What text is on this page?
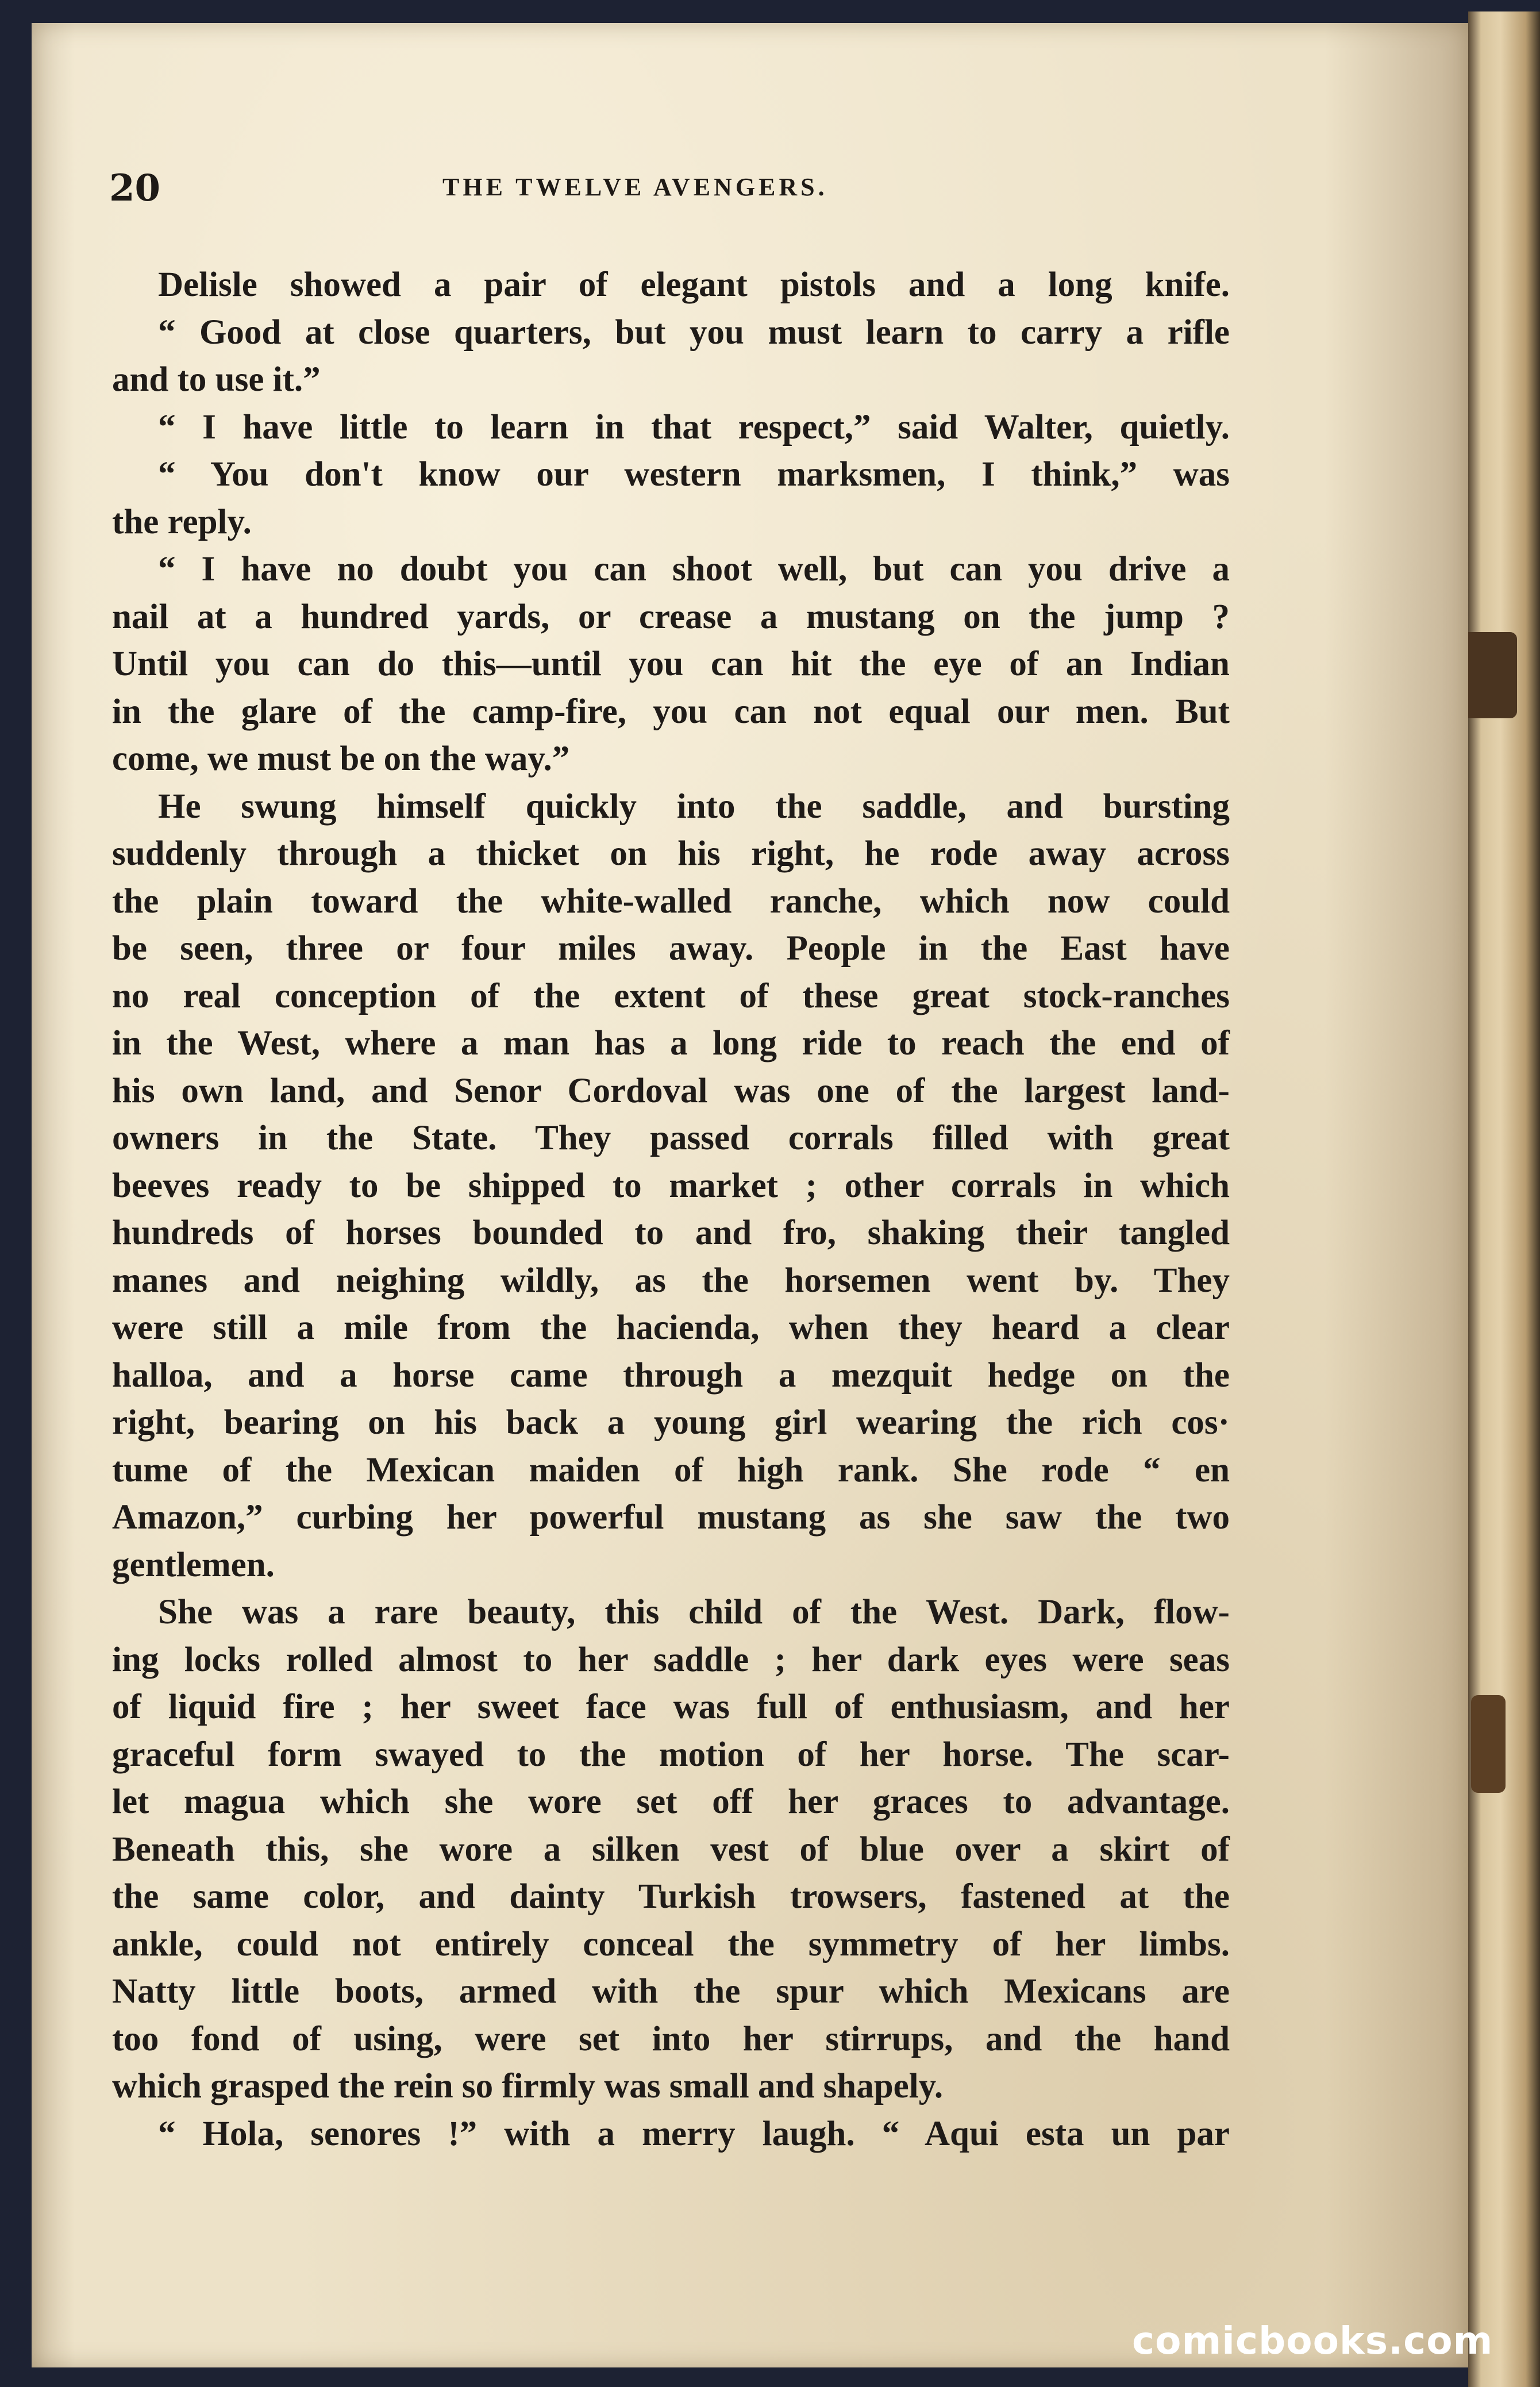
20	THE TWELVE AVENGERS.
Delisle showed a pair of elegant pistols and a long knife.
“ Good at close quarters, but you must learn to carry a rifle
and to use it.”
“ I have little to learn in that respect,” said Walter, quietly.
“ You don't know our western marksmen, I think,” was
the reply.
“ I have no doubt you can shoot well, but can you drive a
nail at a hundred yards, or crease a mustang on the jump ?
Until you can do this—until you can hit the eye of an Indian
in the glare of the camp-fire, you can not equal our men. But
come, we must be on the way.”
He swung himself quickly into the saddle, and bursting
suddenly through a thicket on his right, he rode away across
the plain toward the white-walled ranche, which now could
be seen, three or four miles away. People in the East have
no real conception of the extent of these great stock-ranches
in the West, where a man has a long ride to reach the end of
his own land, and Senor Cordoval was one of the largest land-
owners in the State. They passed corrals filled with great
beeves ready to be shipped to market ; other corrals in which
hundreds of horses bounded to and fro, shaking their tangled
manes and neighing wildly, as the horsemen went by. They
were still a mile from the hacienda, when they heard a clear
halloa, and a horse came through a mezquit hedge on the
right, bearing on his back a young girl wearing the rich cos·
tume of the Mexican maiden of high rank. She rode “ en
Amazon,” curbing her powerful mustang as she saw the two
gentlemen.
She was a rare beauty, this child of the West. Dark, flow-
ing locks rolled almost to her saddle ; her dark eyes were seas
of liquid fire ; her sweet face was full of enthusiasm, and her
graceful form swayed to the motion of her horse. The scar-
let magua which she wore set off her graces to advantage.
Beneath this, she wore a silken vest of blue over a skirt of
the same color, and dainty Turkish trowsers, fastened at the
ankle, could not entirely conceal the symmetry of her limbs.
Natty little boots, armed with the spur which Mexicans are
too fond of using, were set into her stirrups, and the hand
which grasped the rein so firmly was small and shapely.
“ Hola, senores !” with a merry laugh. “ Aqui esta un par
comicbooks.com
